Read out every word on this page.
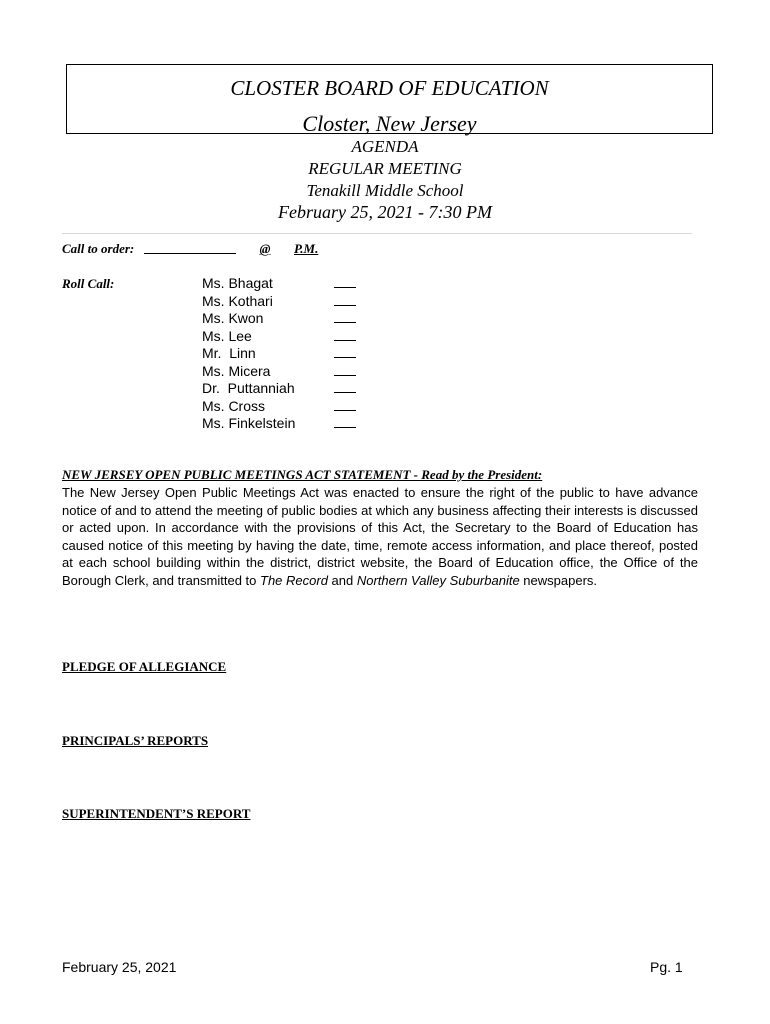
CLOSTER BOARD OF EDUCATION
Closter, New Jersey
AGENDA
REGULAR MEETING
Tenakill Middle School
February 25, 2021 - 7:30 PM
Call to order:	@	P.M.
Roll Call:	Ms. Bhagat
Ms. Kothari
Ms. Kwon
Ms. Lee
Mr.  Linn
Ms. Micera
Dr.  Puttanniah
Ms. Cross
Ms. Finkelstein
NEW JERSEY OPEN PUBLIC MEETINGS ACT STATEMENT - Read by the President:
The New Jersey Open Public Meetings Act was enacted to ensure the right of the public to have advance notice of and to attend the meeting of public bodies at which any business affecting their interests is discussed or acted upon. In accordance with the provisions of this Act, the Secretary to the Board of Education has caused notice of this meeting by having the date, time, remote access information, and place thereof, posted at each school building within the district, district website, the Board of Education office, the Office of the Borough Clerk, and transmitted to The Record and Northern Valley Suburbanite newspapers.
PLEDGE OF ALLEGIANCE
PRINCIPALS’ REPORTS
SUPERINTENDENT’S REPORT
February 25, 2021	Pg. 1
